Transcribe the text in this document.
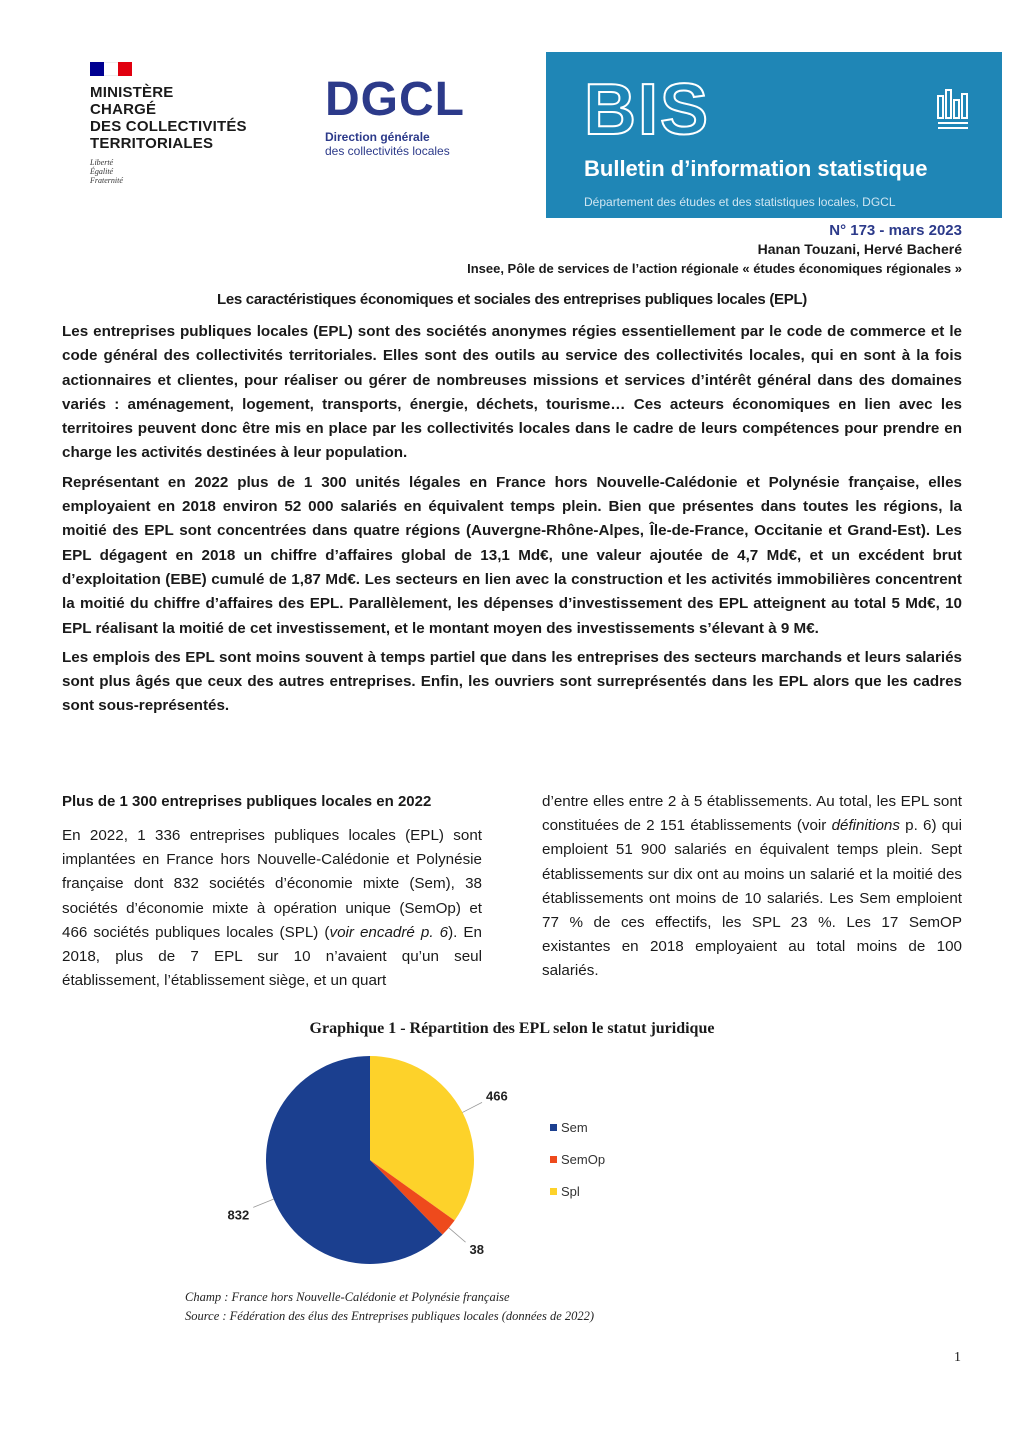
MINISTÈRE
CHARGÉ
DES COLLECTIVITÉS
TERRITORIALES
Liberté
Égalité
Fraternité
DGCL
Direction générale
des collectivités locales
BIS
Bulletin d’information statistique
Département des études et des statistiques locales, DGCL
N° 173 - mars 2023
Hanan Touzani, Hervé Bacheré
Insee, Pôle de services de l’action régionale « études économiques régionales »
Les caractéristiques économiques et sociales des entreprises publiques locales (EPL)

Les entreprises publiques locales (EPL) sont des sociétés anonymes régies essentiellement par le code de commerce et le code général des collectivités territoriales. Elles sont des outils au service des collectivités locales, qui en sont à la fois actionnaires et clientes, pour réaliser ou gérer de nombreuses missions et services d’intérêt général dans des domaines variés : aménagement, logement, transports, énergie, déchets, tourisme… Ces acteurs économiques en lien avec les territoires peuvent donc être mis en place par les collectivités locales dans le cadre de leurs compétences pour prendre en charge les activités destinées à leur population.

Représentant en 2022 plus de 1 300 unités légales en France hors Nouvelle-Calédonie et Polynésie française, elles employaient en 2018 environ 52 000 salariés en équivalent temps plein. Bien que présentes dans toutes les régions, la moitié des EPL sont concentrées dans quatre régions (Auvergne-Rhône-Alpes, Île-de-France, Occitanie et Grand-Est). Les EPL dégagent en 2018 un chiffre d’affaires global de 13,1 Md€, une valeur ajoutée de 4,7 Md€, et un excédent brut d’exploitation (EBE) cumulé de 1,87 Md€. Les secteurs en lien avec la construction et les activités immobilières concentrent la moitié du chiffre d’affaires des EPL. Parallèlement, les dépenses d’investissement des EPL atteignent au total 5 Md€, 10 EPL réalisant la moitié de cet investissement, et le montant moyen des investissements s’élevant à 9 M€.

Les emplois des EPL sont moins souvent à temps partiel que dans les entreprises des secteurs marchands et leurs salariés sont plus âgés que ceux des autres entreprises. Enfin, les ouvriers sont surreprésentés dans les EPL alors que les cadres sont sous-représentés.

Plus de 1 300 entreprises publiques locales en 2022

En 2022, 1 336 entreprises publiques locales (EPL) sont implantées en France hors Nouvelle-Calédonie et Polynésie française dont 832 sociétés d’économie mixte (Sem), 38 sociétés d’économie mixte à opération unique (SemOp) et 466 sociétés publiques locales (SPL) (voir encadré p. 6). En 2018, plus de 7 EPL sur 10 n’avaient qu’un seul établissement, l’établissement siège, et un quart

d’entre elles entre 2 à 5 établissements. Au total, les EPL sont constituées de 2 151 établissements (voir définitions p. 6) qui emploient 51 900 salariés en équivalent temps plein. Sept établissements sur dix ont au moins un salarié et la moitié des établissements ont moins de 10 salariés. Les Sem emploient 77 % de ces effectifs, les SPL 23 %. Les 17 SemOP existantes en 2018 employaient au total moins de 100 salariés.

Graphique 1 - Répartition des EPL selon le statut juridique
466
38
832
Sem
SemOp
Spl
Champ : France hors Nouvelle-Calédonie et Polynésie française
Source : Fédération des élus des Entreprises publiques locales (données de 2022)
1
